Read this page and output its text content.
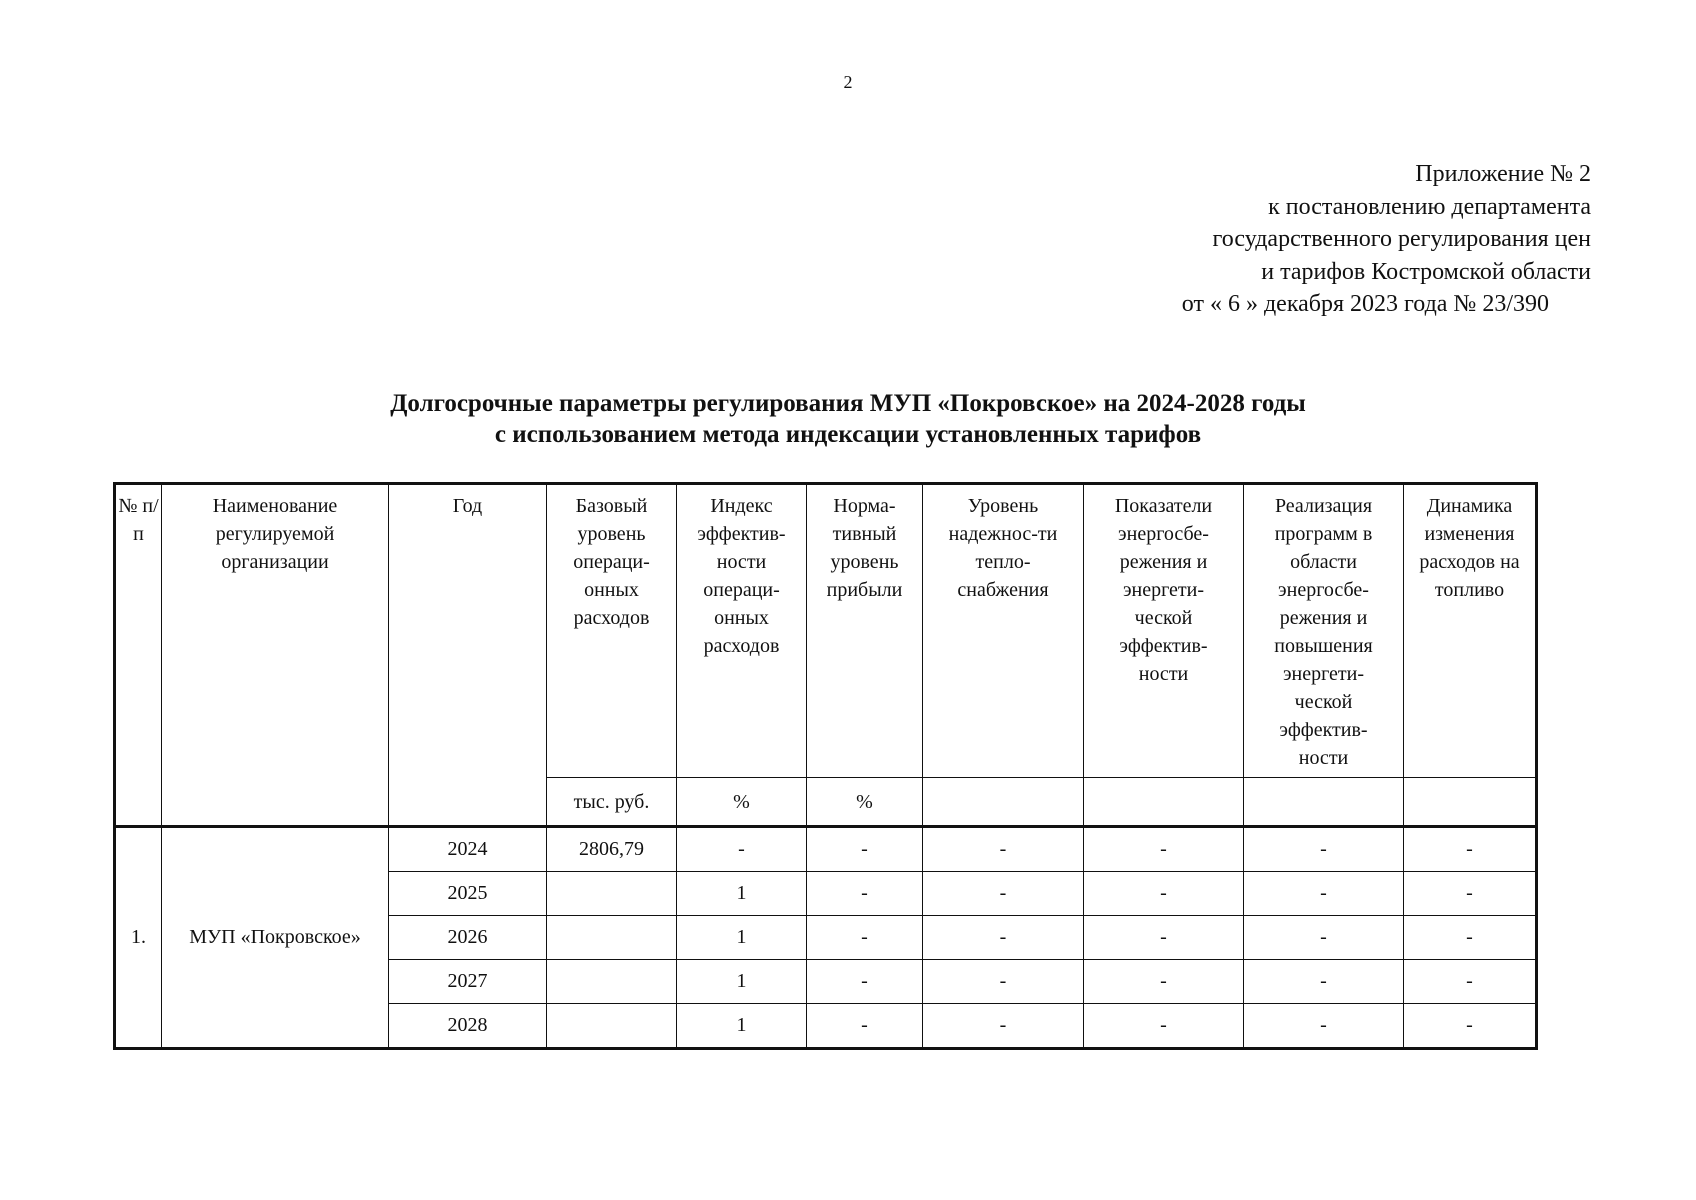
2
Приложение № 2
к постановлению департамента
государственного регулирования цен
и тарифов Костромской области
от « 6 » декабря 2023 года № 23/390
Долгосрочные параметры регулирования МУП «Покровское» на 2024-2028 годы
с использованием метода индексации установленных тарифов
№ п/п	Наименование регулируемой организации	Год	Базовый уровень операци-онных расходов	Индекс эффектив-ности операци-онных расходов	Норма-тивный уровень прибыли	Уровень надежнос-ти тепло-снабжения	Показатели энергосбе-режения и энергети-ческой эффектив-ности	Реализация программ в области энергосбе-режения и повышения энергети-ческой эффектив-ности	Динамика изменения расходов на топливо

			тыс. руб.	%	%				
1.	МУП «Покровское»	2024	2806,79	-	-	-	-	-	-
		2025		1	-	-	-	-	-
		2026		1	-	-	-	-	-
		2027		1	-	-	-	-	-
		2028		1	-	-	-	-	-
